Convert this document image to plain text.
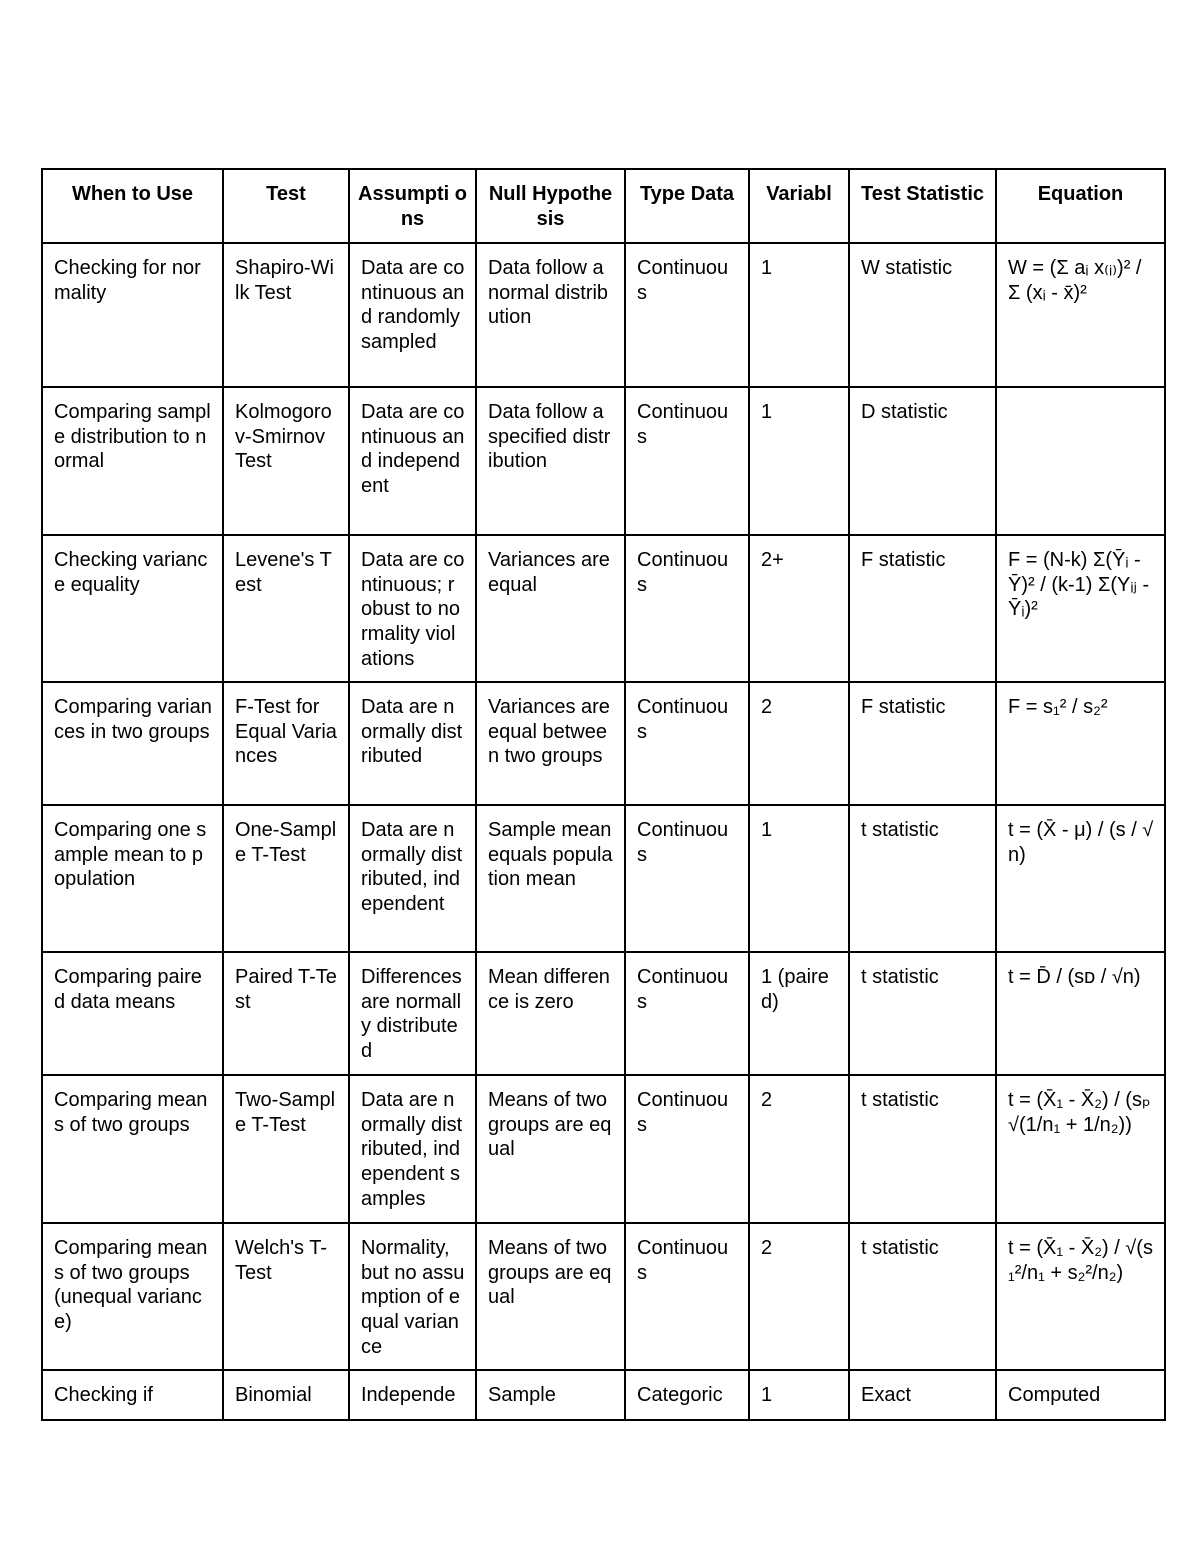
When to Use	Test	Assumpti ons	Null Hypothesis	Type Data	Variabl	Test Statistic	Equation
Checking for normality	Shapiro-Wilk Test	Data are continuous and randomly sampled	Data follow a normal distribution	Continuous	1	W statistic	W = (Σ aᵢ x₍ᵢ₎)² / Σ (xᵢ - x̄)²
Comparing sample distribution to normal	Kolmogorov-Smirnov Test	Data are continuous and independent	Data follow a specified distribution	Continuous	1	D statistic	
Checking variance equality	Levene's Test	Data are continuous; robust to normality violations	Variances are equal	Continuous	2+	F statistic	F = (N-k) Σ(Ȳᵢ - Ȳ)² / (k-1) Σ(Yᵢⱼ - Ȳᵢ)²
Comparing variances in two groups	F-Test for Equal Variances	Data are normally distributed	Variances are equal between two groups	Continuous	2	F statistic	F = s₁² / s₂²
Comparing one sample mean to population	One-Sample T-Test	Data are normally distributed, independent	Sample mean equals population mean	Continuous	1	t statistic	t = (X̄ - μ) / (s / √n)
Comparing paired data means	Paired T-Test	Differences are normally distributed	Mean difference is zero	Continuous	1 (paired)	t statistic	t = D̄ / (sᴅ / √n)
Comparing means of two groups	Two-Sample T-Test	Data are normally distributed, independent samples	Means of two groups are equal	Continuous	2	t statistic	t = (X̄₁ - X̄₂) / (sₚ √(1/n₁ + 1/n₂))
Comparing means of two groups (unequal variance)	Welch's T-Test	Normality, but no assumption of equal variance	Means of two groups are equal	Continuous	2	t statistic	t = (X̄₁ - X̄₂) / √(s₁²/n₁ + s₂²/n₂)
Checking if	Binomial	Independe	Sample	Categoric	1	Exact	Computed
